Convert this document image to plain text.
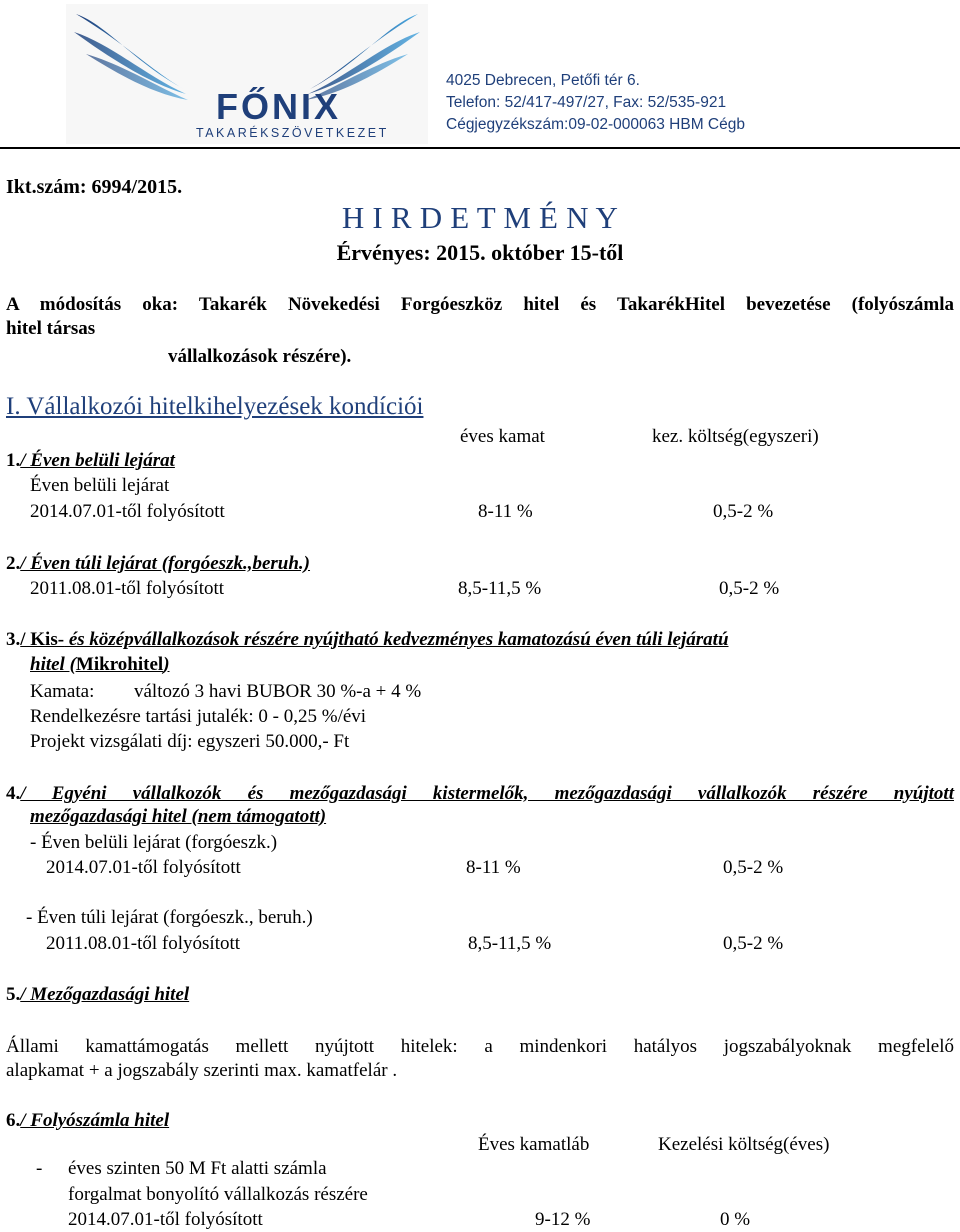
FŐNIX
TAKARÉKSZÖVETKEZET
4025 Debrecen, Petőfi tér 6.
Telefon: 52/417-497/27, Fax: 52/535-921
Cégjegyzékszám:09-02-000063 HBM Cégb
Ikt.szám: 6994/2015.
H I R D E T M É N Y
Érvényes: 2015. október 15-től
A módosítás oka: Takarék Növekedési Forgóeszköz hitel és TakarékHitel bevezetése (folyószámla
hitel társas
vállalkozások részére).
I. Vállalkozói hitelkihelyezések kondíciói
éves kamat	kez. költség(egyszeri)
1./ Éven belüli lejárat
Éven belüli lejárat
2014.07.01-től folyósított	8-11 %	0,5-2 %
2./ Éven túli lejárat (forgóeszk.,beruh.)
2011.08.01-től folyósított	8,5-11,5 %	0,5-2 %
3./ Kis- és középvállalkozások részére nyújtható kedvezményes kamatozású éven túli lejáratú
hitel (Mikrohitel)
Kamata: változó 3 havi BUBOR 30 %-a + 4 %
Rendelkezésre tartási jutalék: 0 - 0,25 %/évi
Projekt vizsgálati díj: egyszeri 50.000,- Ft
4./ Egyéni vállalkozók és mezőgazdasági kistermelők, mezőgazdasági vállalkozók részére nyújtott
mezőgazdasági hitel (nem támogatott)
- Éven belüli lejárat (forgóeszk.)
2014.07.01-től folyósított	8-11 %	0,5-2 %
- Éven túli lejárat (forgóeszk., beruh.)
2011.08.01-től folyósított	8,5-11,5 %	0,5-2 %
5./ Mezőgazdasági hitel
Állami kamattámogatás mellett nyújtott hitelek: a mindenkori hatályos jogszabályoknak megfelelő
alapkamat + a jogszabály szerinti max. kamatfelár .
6./ Folyószámla hitel
Éves kamatláb	Kezelési költség(éves)
- éves szinten 50 M Ft alatti számla
forgalmat bonyolító vállalkozás részére
2014.07.01-től folyósított	9-12 %	0 %
